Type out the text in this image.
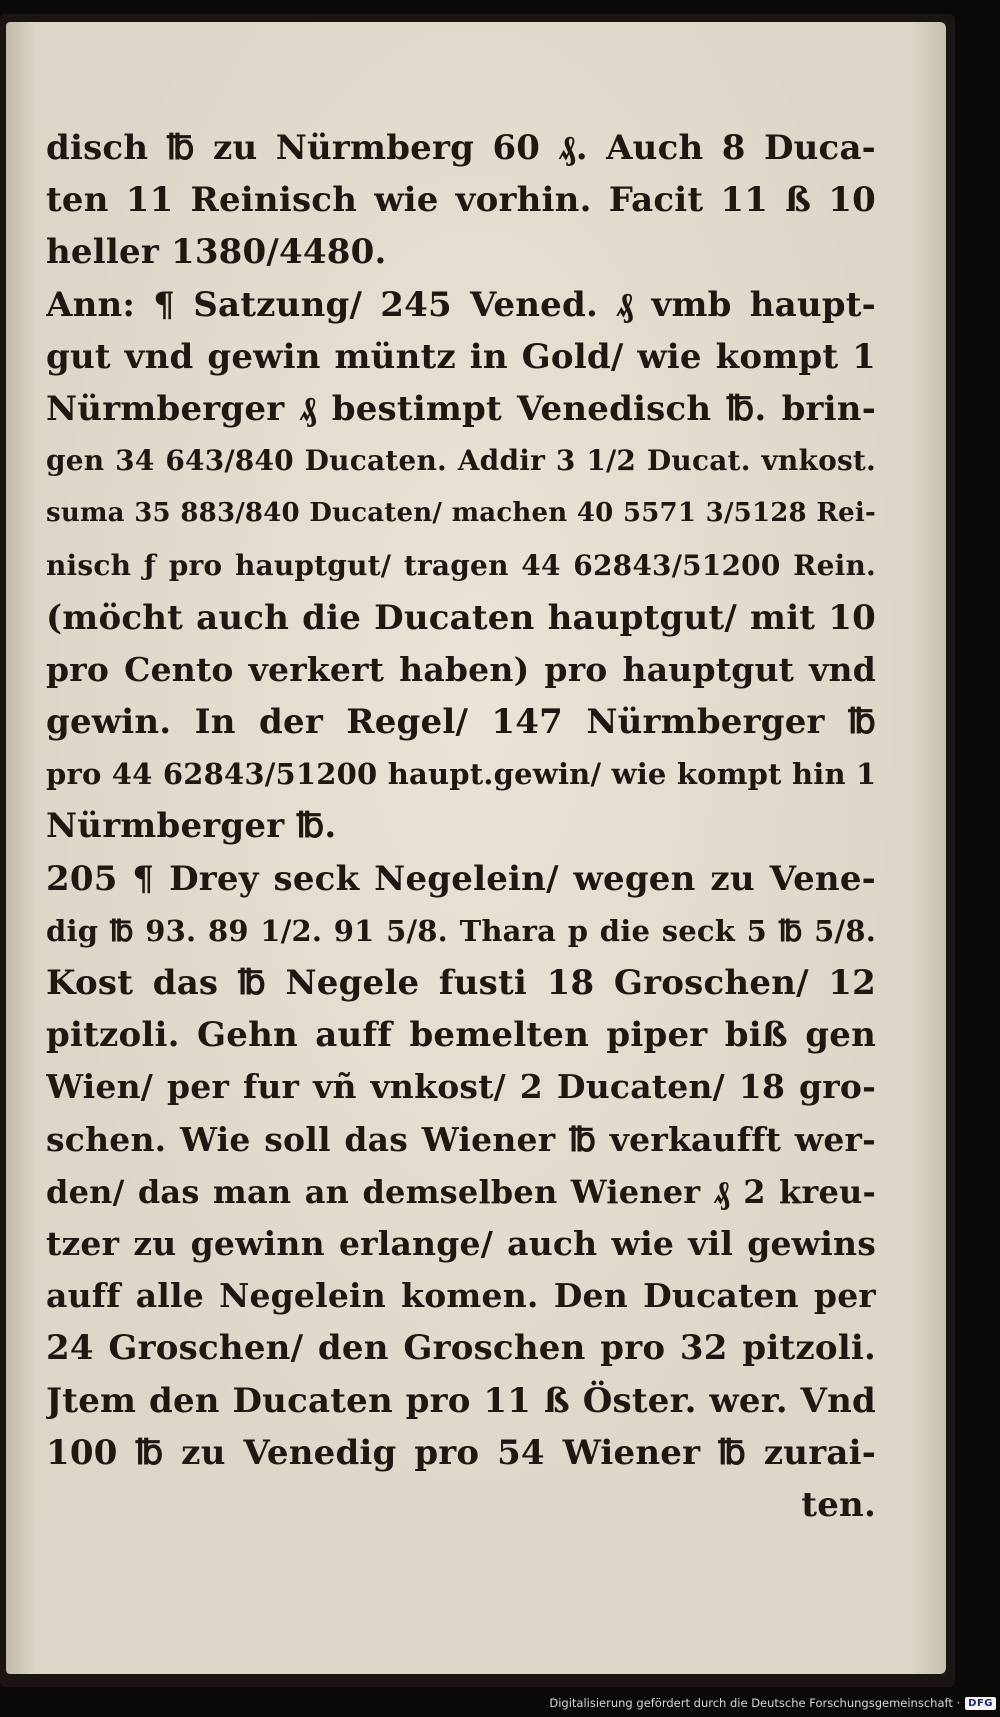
disch ℔ zu Nürmberg 60 ₰. Auch 8 Duca-
ten 11 Reinisch wie vorhin. Facit 11 ß 10
heller 1380/4480.
Ann: ¶ Satzung/ 245 Vened. ₰ vmb haupt-
gut vnd gewin müntz in Gold/ wie kompt 1
Nürmberger ₰ bestimpt Venedisch ℔. brin-
gen 34 643/840 Ducaten. Addir 3 1/2 Ducat. vnkost.
suma 35 883/840 Ducaten/ machen 40 5571 3/5128 Rei-
nisch ƒ pro hauptgut/ tragen 44 62843/51200 Rein.
(möcht auch die Ducaten hauptgut/ mit 10
pro Cento verkert haben) pro hauptgut vnd
gewin. In der Regel/ 147 Nürmberger ℔
pro 44 62843/51200 haupt.gewin/ wie kompt hin 1
Nürmberger ℔.
205 ¶ Drey seck Negelein/ wegen zu Vene-
dig ℔ 93. 89 1/2. 91 5/8. Thara p die seck 5 ℔ 5/8.
Kost das ℔ Negele fusti 18 Groschen/ 12
pitzoli. Gehn auff bemelten piper biß gen
Wien/ per fur vñ vnkost/ 2 Ducaten/ 18 gro-
schen. Wie soll das Wiener ℔ verkaufft wer-
den/ das man an demselben Wiener ₰ 2 kreu-
tzer zu gewinn erlange/ auch wie vil gewins
auff alle Negelein komen. Den Ducaten per
24 Groschen/ den Groschen pro 32 pitzoli.
Jtem den Ducaten pro 11 ß Öster. wer. Vnd
100 ℔ zu Venedig pro 54 Wiener ℔ zurai-
ten.
Digitalisierung gefördert durch die Deutsche Forschungsgemeinschaft · DFG
